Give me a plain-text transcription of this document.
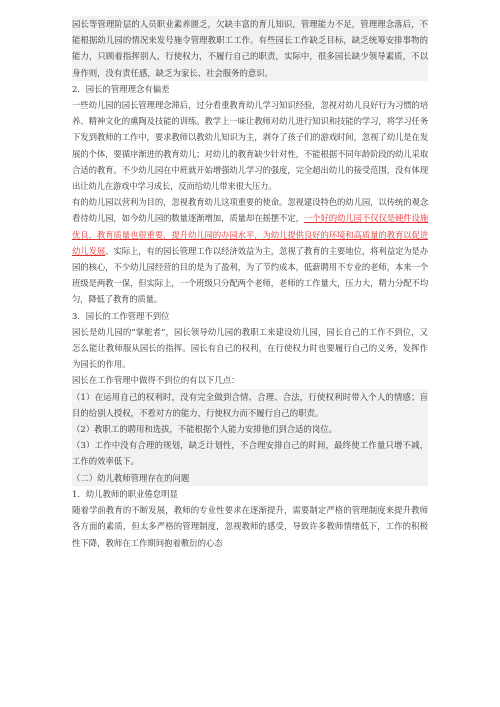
园长等管理阶层的人员职业素养匮乏，欠缺丰富的育儿知识，管理能力不足，管理理念落后，不能根据幼儿园的情况来发号施令管理教职工工作。有些园长工作缺乏目标，缺乏统筹安排事物的能力，只顾着指挥别人，行使权力，不履行自己的职责，实际中，很多园长缺少领导素质，不以身作则，没有责任感，缺乏为家长、社会服务的意识。

2．园长的管理理念有偏差

一些幼儿园的园长管理理念滞后，过分看重教育幼儿学习知识经验，忽视对幼儿良好行为习惯的培养、精神文化的熏陶及技能的训练。教学上一味让教师对幼儿进行知识和技能的学习，将学习任务下发到教师的工作中，要求教师以教幼儿知识为主，剥夺了孩子们的游戏时间，忽视了幼儿是在发展的个体，要循序渐进的教育幼儿；对幼儿的教育缺少针对性，不能根据不同年龄阶段的幼儿采取合适的教育。不少幼儿园在中班就开始增强幼儿学习的强度，完全超出幼儿的接受范围，没有体现出让幼儿在游戏中学习成长，反而给幼儿带来很大压力。

有的幼儿园以营利为目的，忽视教育幼儿这项重要的使命。忽视建设特色的幼儿园，以传统的观念看待幼儿园，如今幼儿园的数量逐渐增加，质量却在摇摆不定，一个好的幼儿园不仅仅是硬件设施优良，教育质量也很重要，提升幼儿园的办园水平，为幼儿提供良好的环境和高质量的教育以促进幼儿发展。实际上，有的园长管理工作以经济效益为主，忽视了教育的主要地位，将利益定为是办园的核心，不少幼儿园经营的目的是为了盈利，为了节约成本，低薪聘用不专业的老师，本来一个班级是两教一保，但实际上，一个班级只分配两个老师，老师的工作量大，压力大，精力分配不均匀，降低了教育的质量。

3．园长的工作管理不到位

园长是幼儿园的“掌舵者”，园长领导幼儿园的教职工来建设幼儿园，园长自己的工作不到位，又怎么能让教师服从园长的指挥。园长有自己的权利，在行使权力时也要履行自己的义务，发挥作为园长的作用。

园长在工作管理中做得不到位的有以下几点：

（1）在运用自己的权利时，没有完全做到合情、合理、合法，行使权利时带入个人的情感；盲目的给别人授权，不看对方的能力，行使权力而不履行自己的职责。

（2）教职工的聘用和选拔，不能根据个人能力安排他们到合适的岗位。

（3）工作中没有合理的规划，缺乏计划性，不合理安排自己的时间，最终使工作量只增不减，工作的效率低下。

（二）幼儿教师管理存在的问题

1．幼儿教师的职业倦怠明显

随着学前教育的不断发展，教师的专业性要求在逐渐提升，需要制定严格的管理制度来提升教师各方面的素质，但太多严格的管理制度，忽视教师的感受，导致许多教师情绪低下，工作的积极性下降，教师在工作期间抱着敷衍的心态
